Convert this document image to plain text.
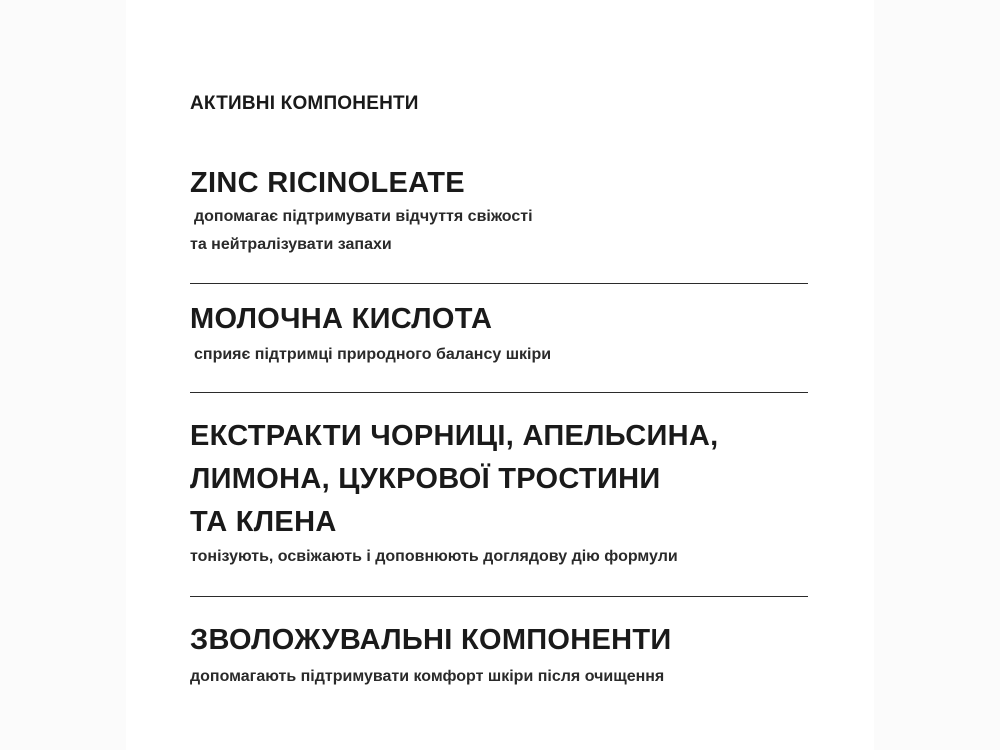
АКТИВНІ КОМПОНЕНТИ
ZINC RICINOLEATE
допомагає підтримувати відчуття свіжості
та нейтралізувати запахи
МОЛОЧНА КИСЛОТА
сприяє підтримці природного балансу шкіри
ЕКСТРАКТИ ЧОРНИЦІ, АПЕЛЬСИНА,
ЛИМОНА, ЦУКРОВОЇ ТРОСТИНИ
ТА КЛЕНА
тонізують, освіжають і доповнюють доглядову дію формули
ЗВОЛОЖУВАЛЬНІ КОМПОНЕНТИ
допомагають підтримувати комфорт шкіри після очищення
